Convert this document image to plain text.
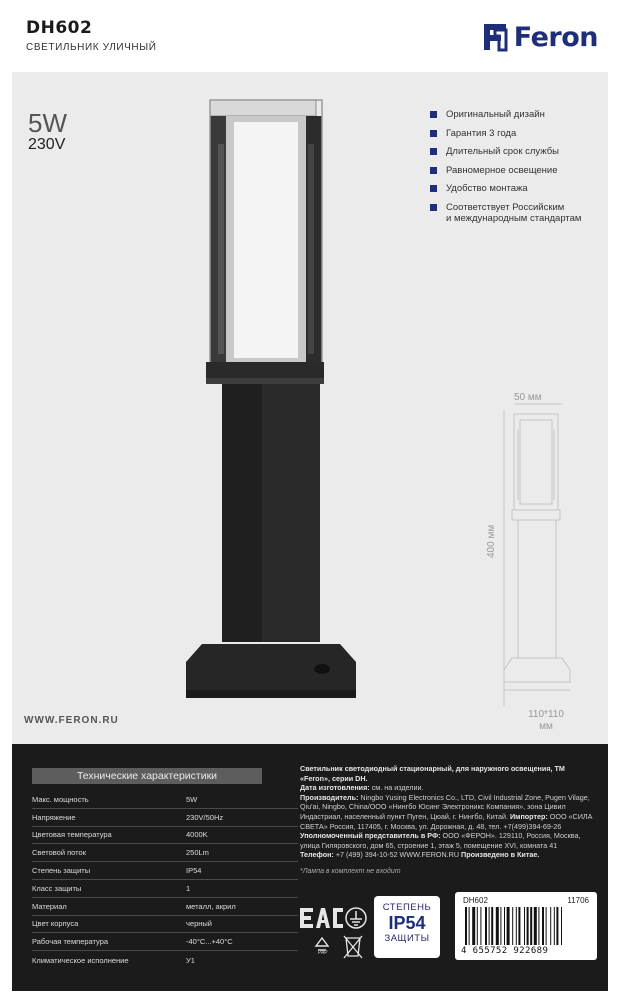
DH602
СВЕТИЛЬНИК УЛИЧНЫЙ	Feron
5W
230V
Оригинальный дизайн
Гарантия 3 года
Длительный срок службы
Равномерное освещение
Удобство монтажа
Соответствует Российским
и международным стандартам
50 мм
400 мм
110*110
мм
WWW.FERON.RU
Технические характеристики
Макс. мощность	5W
Напряжение	230V/50Hz
Цветовая температура	4000K
Световой поток	250Lm
Степень защиты	IP54
Класс защиты	1
Материал	металл, акрил
Цвет корпуса	черный
Рабочая температура	-40°C...+40°C
Климатическое исполнение	У1
Светильник светодиодный стационарный, для наружного освещения, ТМ «Feron», серии DH.
Дата изготовления: см. на изделии.
Производитель: Ningbo Yusing Electronics Co., LTD, Civil Industrial Zone, Pugen Vilage, Qiu'ai, Ningbo, China/ООО «Нингбо Юсинг Электроникс Компания», зона Цивил Индастриал, населенный пункт Пуген, Цюай, г. Нингбо, Китай. Импортер: ООО «СИЛА СВЕТА» Россия, 117405, г. Москва, ул. Дорожная, д. 48, тел. +7(499)394-69-26 Уполномоченный представитель в РФ: ООО «ФЕРОН». 129110, Россия, Москва, улица Гиляровского, дом 65, строение 1, этаж 5, помещение XVI, комната 41
Телефон: +7 (499) 394-10-52 WWW.FERON.RU Произведено в Китае.
*Лампа в комплект не входит
PAP
СТЕПЕНЬ
IP54
ЗАЩИТЫ
DH602	11706
4 655752 922689
